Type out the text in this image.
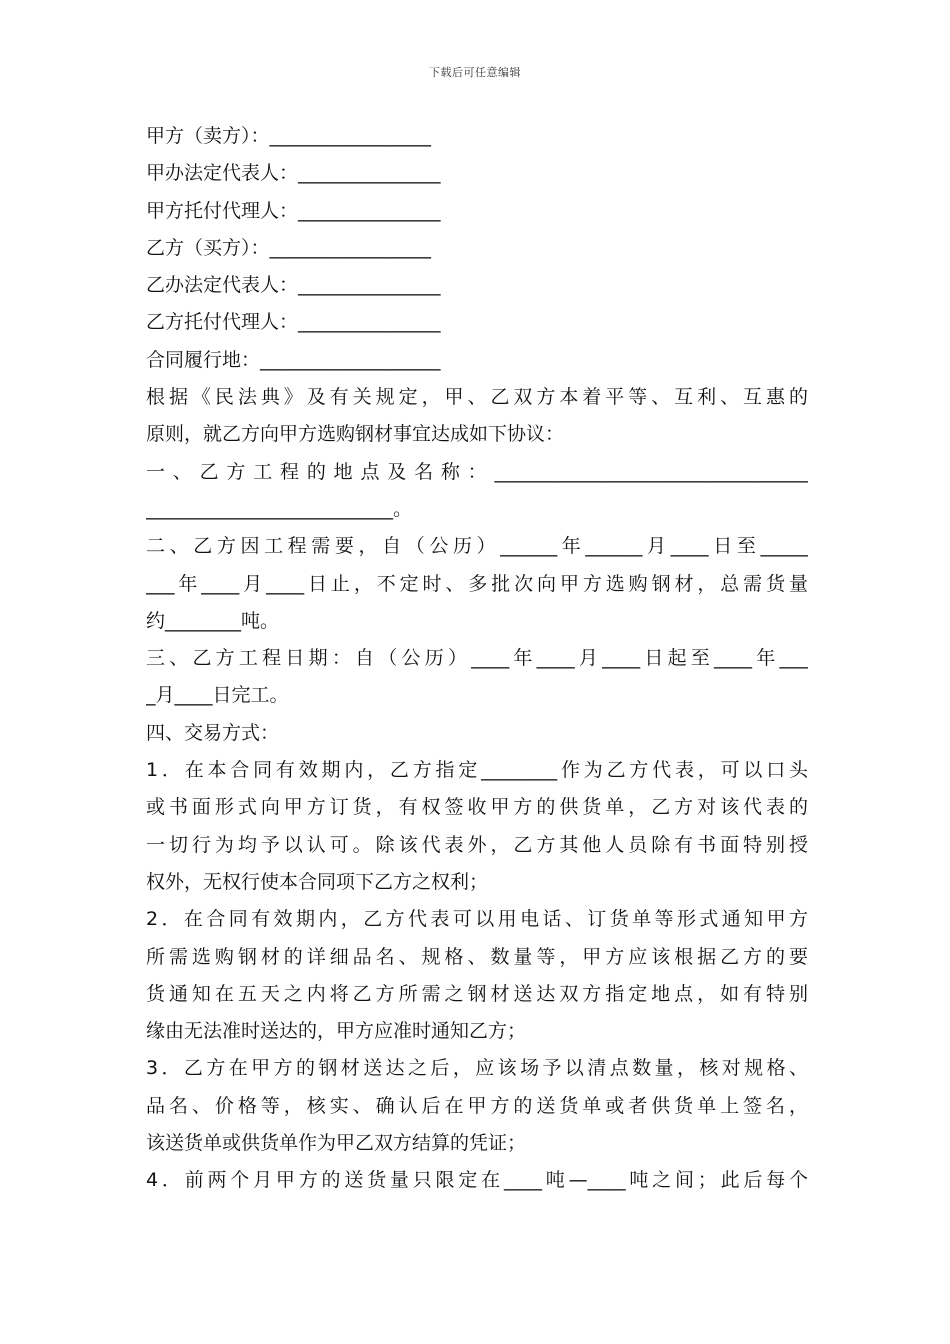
下载后可任意编辑
甲方（卖方）：_________________
甲办法定代表人：_______________
甲方托付代理人：_______________
乙方（买方）：_________________
乙办法定代表人：_______________
乙方托付代理人：_______________
合同履行地：___________________
根据《民法典》及有关规定，甲、乙双方本着平等、互利、互惠的
原则，就乙方向甲方选购钢材事宜达成如下协议：
一、乙方工程的地点及名称：_________________________________
__________________________。
二、乙方因工程需要，自（公历）______年______月____日至_____
___年____月____日止，不定时、多批次向甲方选购钢材，总需货量
约________吨。
三、乙方工程日期：自（公历）____年____月____日起至____年___
_月____日完工。
四、交易方式：
1．在本合同有效期内，乙方指定________作为乙方代表，可以口头
或书面形式向甲方订货，有权签收甲方的供货单，乙方对该代表的
一切行为均予以认可。除该代表外，乙方其他人员除有书面特别授
权外，无权行使本合同项下乙方之权利；
2．在合同有效期内，乙方代表可以用电话、订货单等形式通知甲方
所需选购钢材的详细品名、规格、数量等，甲方应该根据乙方的要
货通知在五天之内将乙方所需之钢材送达双方指定地点，如有特别
缘由无法准时送达的，甲方应准时通知乙方；
3．乙方在甲方的钢材送达之后，应该场予以清点数量，核对规格、
品名、价格等，核实、确认后在甲方的送货单或者供货单上签名，
该送货单或供货单作为甲乙双方结算的凭证；
4．前两个月甲方的送货量只限定在____吨—____吨之间；此后每个
